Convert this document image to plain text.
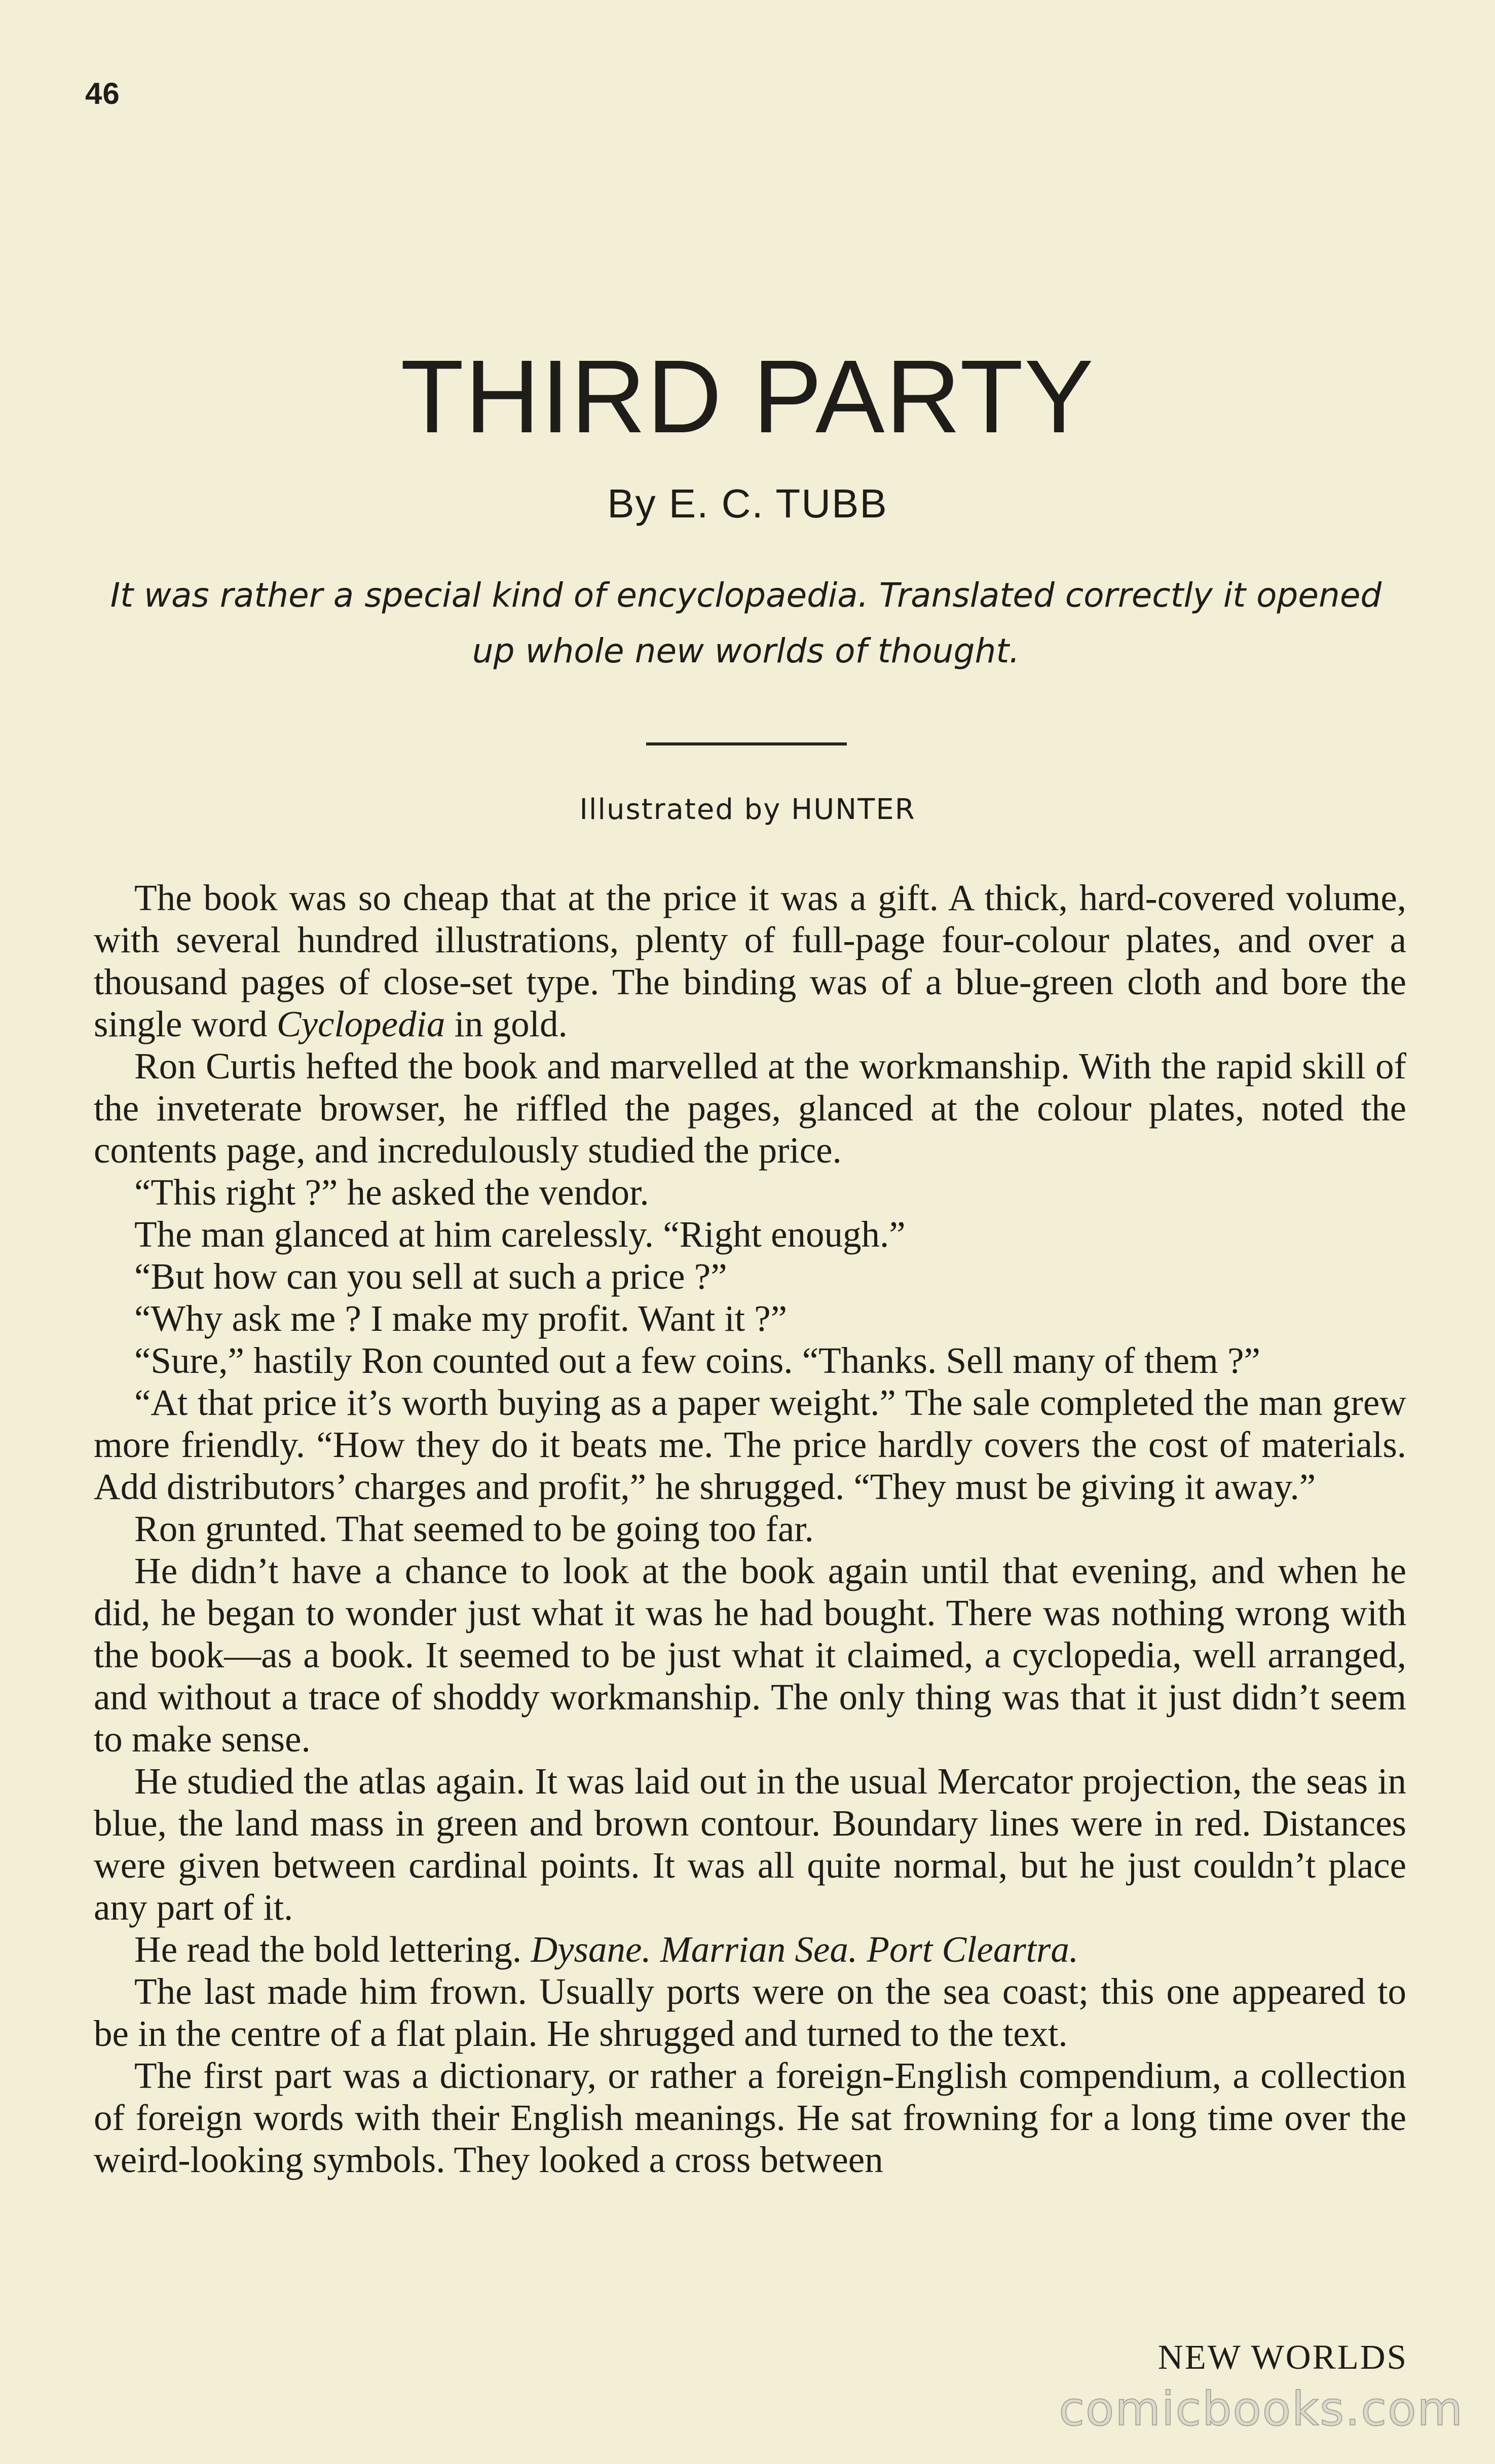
46
THIRD PARTY
By E. C. TUBB
It was rather a special kind of encyclopaedia. Translated correctly it opened up whole new worlds of thought.
Illustrated by HUNTER

The book was so cheap that at the price it was a gift. A thick, hard-covered volume, with several hundred illustrations, plenty of full-page four-colour plates, and over a thousand pages of close-set type. The binding was of a blue-green cloth and bore the single word Cyclopedia in gold.

Ron Curtis hefted the book and marvelled at the workmanship. With the rapid skill of the inveterate browser, he riffled the pages, glanced at the colour plates, noted the contents page, and incredulously studied the price.

“This right ?” he asked the vendor.

The man glanced at him carelessly. “Right enough.”

“But how can you sell at such a price ?”

“Why ask me ? I make my profit. Want it ?”

“Sure,” hastily Ron counted out a few coins. “Thanks. Sell many of them ?”

“At that price it’s worth buying as a paper weight.” The sale completed the man grew more friendly. “How they do it beats me. The price hardly covers the cost of materials. Add distributors’ charges and profit,” he shrugged. “They must be giving it away.”

Ron grunted. That seemed to be going too far.

He didn’t have a chance to look at the book again until that evening, and when he did, he began to wonder just what it was he had bought. There was nothing wrong with the book—as a book. It seemed to be just what it claimed, a cyclopedia, well arranged, and without a trace of shoddy workmanship. The only thing was that it just didn’t seem to make sense.

He studied the atlas again. It was laid out in the usual Mercator projection, the seas in blue, the land mass in green and brown contour. Boundary lines were in red. Distances were given between cardinal points. It was all quite normal, but he just couldn’t place any part of it.

He read the bold lettering. Dysane. Marrian Sea. Port Cleartra.

The last made him frown. Usually ports were on the sea coast; this one appeared to be in the centre of a flat plain. He shrugged and turned to the text.

The first part was a dictionary, or rather a foreign-English compendium, a collection of foreign words with their English meanings. He sat frowning for a long time over the weird-looking symbols. They looked a cross between

NEW WORLDS
comicbooks.com
